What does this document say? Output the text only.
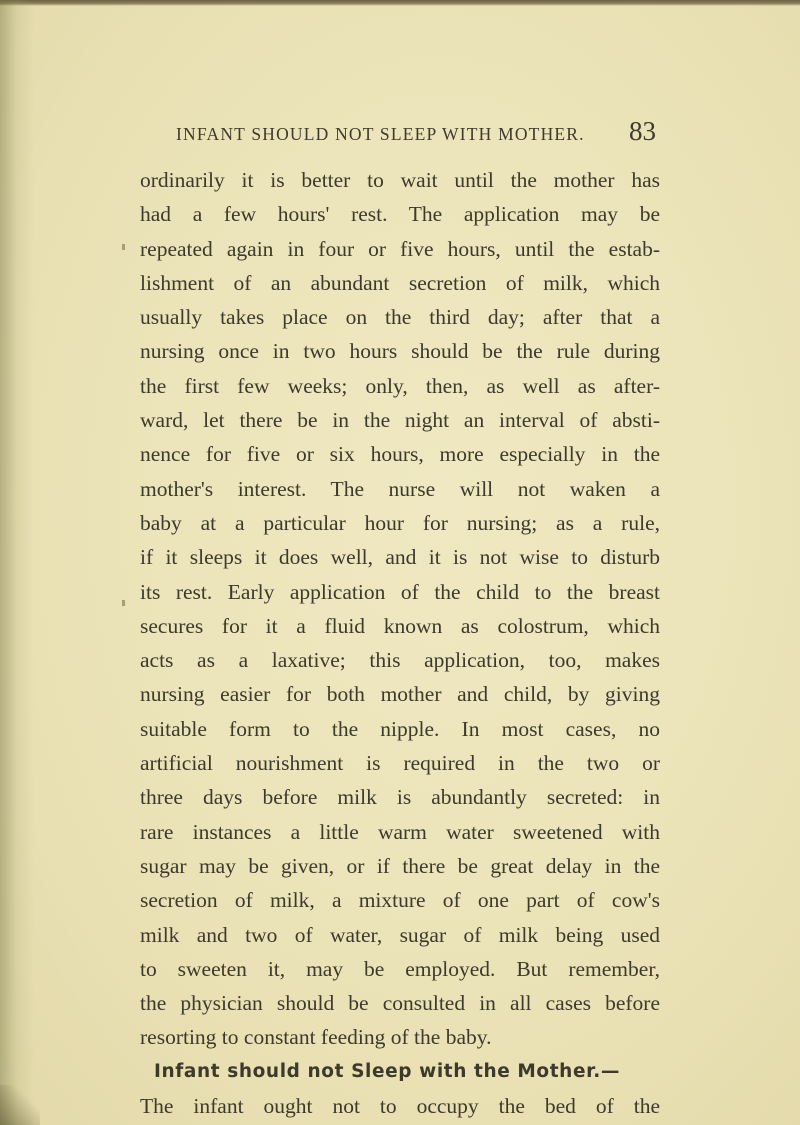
INFANT SHOULD NOT SLEEP WITH MOTHER. 83
ordinarily it is better to wait until the mother has
had a few hours' rest. The application may be
repeated again in four or five hours, until the estab-
lishment of an abundant secretion of milk, which
usually takes place on the third day; after that a
nursing once in two hours should be the rule during
the first few weeks; only, then, as well as after-
ward, let there be in the night an interval of absti-
nence for five or six hours, more especially in the
mother's interest. The nurse will not waken a
baby at a particular hour for nursing; as a rule,
if it sleeps it does well, and it is not wise to disturb
its rest. Early application of the child to the breast
secures for it a fluid known as colostrum, which
acts as a laxative; this application, too, makes
nursing easier for both mother and child, by giving
suitable form to the nipple. In most cases, no
artificial nourishment is required in the two or
three days before milk is abundantly secreted: in
rare instances a little warm water sweetened with
sugar may be given, or if there be great delay in the
secretion of milk, a mixture of one part of cow's
milk and two of water, sugar of milk being used
to sweeten it, may be employed. But remember,
the physician should be consulted in all cases before
resorting to constant feeding of the baby.
Infant should not Sleep with the Mother.—
The infant ought not to occupy the bed of the
